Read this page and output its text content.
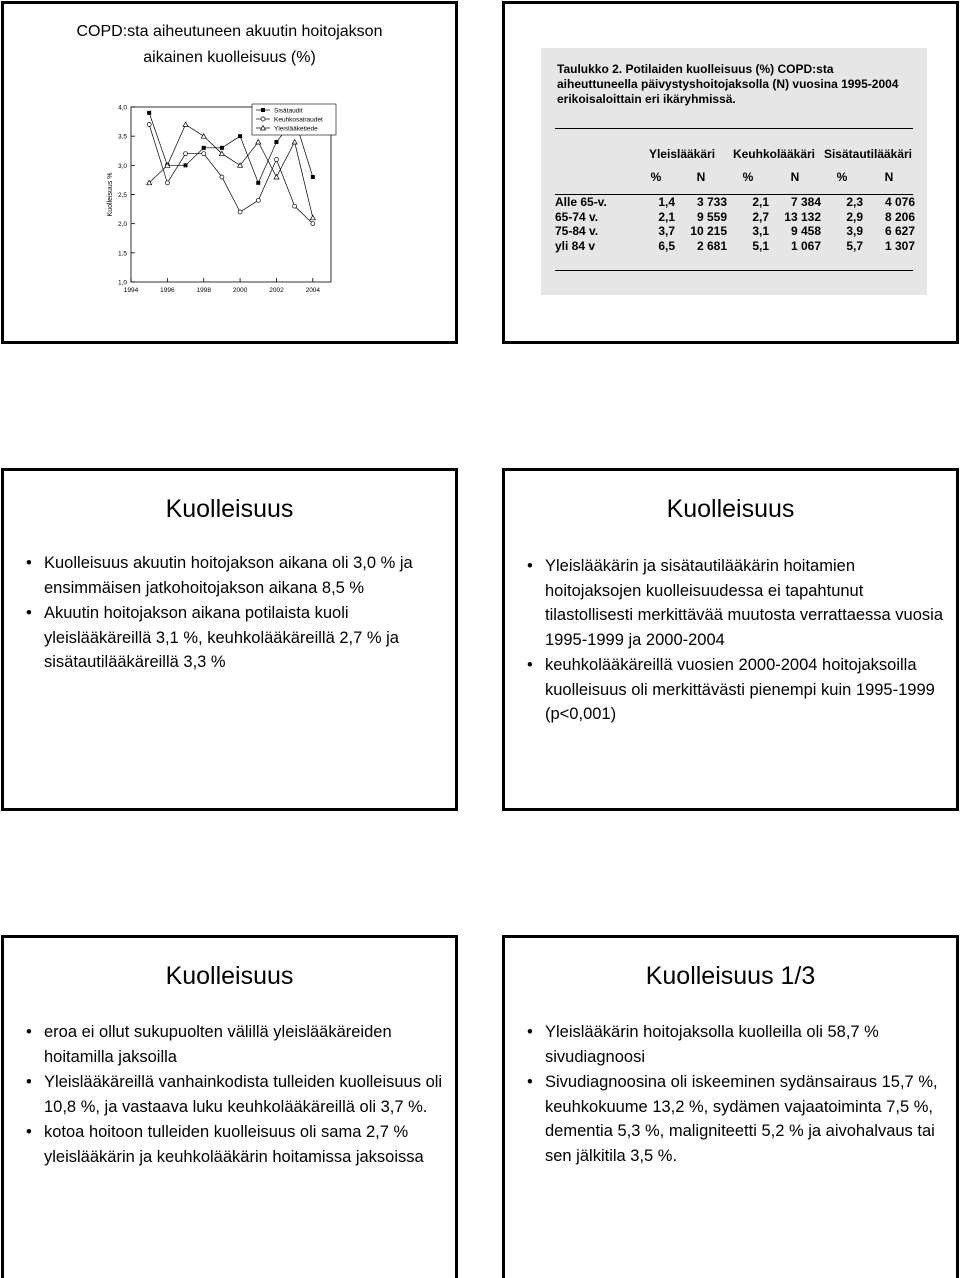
COPD:sta aiheutuneen akuutin hoitojakson
aikainen kuolleisuus (%)
1,0
1,5
2,0
2,5
3,0
3,5
4,0
1994	1996	1998	2000	2002	2004
Kuolleisuus %
Sisätaudit
Keuhkosairaudet
Yleislääketiede
Taulukko 2. Potilaiden kuolleisuus (%) COPD:sta aiheuttuneella päivystyshoitojaksolla (N) vuosina 1995-2004 erikoisaloittain eri ikäryhmissä.
	Yleislääkäri		Keuhkolääkäri		Sisätautilääkäri	
	%	N	%	N	%	N

Alle 65-v.	1,4	3 733	2,1	7 384	2,3	4 076
65-74 v.	2,1	9 559	2,7	13 132	2,9	8 206
75-84 v.	3,7	10 215	3,1	9 458	3,9	6 627
yli 84 v	6,5	2 681	5,1	1 067	5,7	1 307
Kuolleisuus
• Kuolleisuus akuutin hoitojakson aikana oli 3,0 % ja ensimmäisen jatkohoitojakson aikana 8,5 %
• Akuutin hoitojakson aikana potilaista kuoli yleislääkäreillä 3,1 %, keuhkolääkäreillä 2,7 % ja sisätautilääkäreillä 3,3 %
Kuolleisuus
• Yleislääkärin ja sisätautilääkärin hoitamien hoitojaksojen kuolleisuudessa ei tapahtunut tilastollisesti merkittävää muutosta verrattaessa vuosia 1995-1999 ja 2000-2004
• keuhkolääkäreillä vuosien 2000-2004 hoitojaksoilla kuolleisuus oli merkittävästi pienempi kuin 1995-1999 (p<0,001)
Kuolleisuus
• eroa ei ollut sukupuolten välillä yleislääkäreiden hoitamilla jaksoilla
• Yleislääkäreillä vanhainkodista tulleiden kuolleisuus oli 10,8 %, ja vastaava luku keuhkolääkäreillä oli 3,7 %.
• kotoa hoitoon tulleiden kuolleisuus oli sama 2,7 % yleislääkärin ja keuhkolääkärin hoitamissa jaksoissa
Kuolleisuus 1/3
• Yleislääkärin hoitojaksolla kuolleilla oli 58,7 % sivudiagnoosi
• Sivudiagnoosina oli iskeeminen sydänsairaus 15,7 %, keuhkokuume 13,2 %, sydämen vajaatoiminta 7,5 %, dementia 5,3 %, maligniteetti 5,2 % ja aivohalvaus tai sen jälkitila 3,5 %.
